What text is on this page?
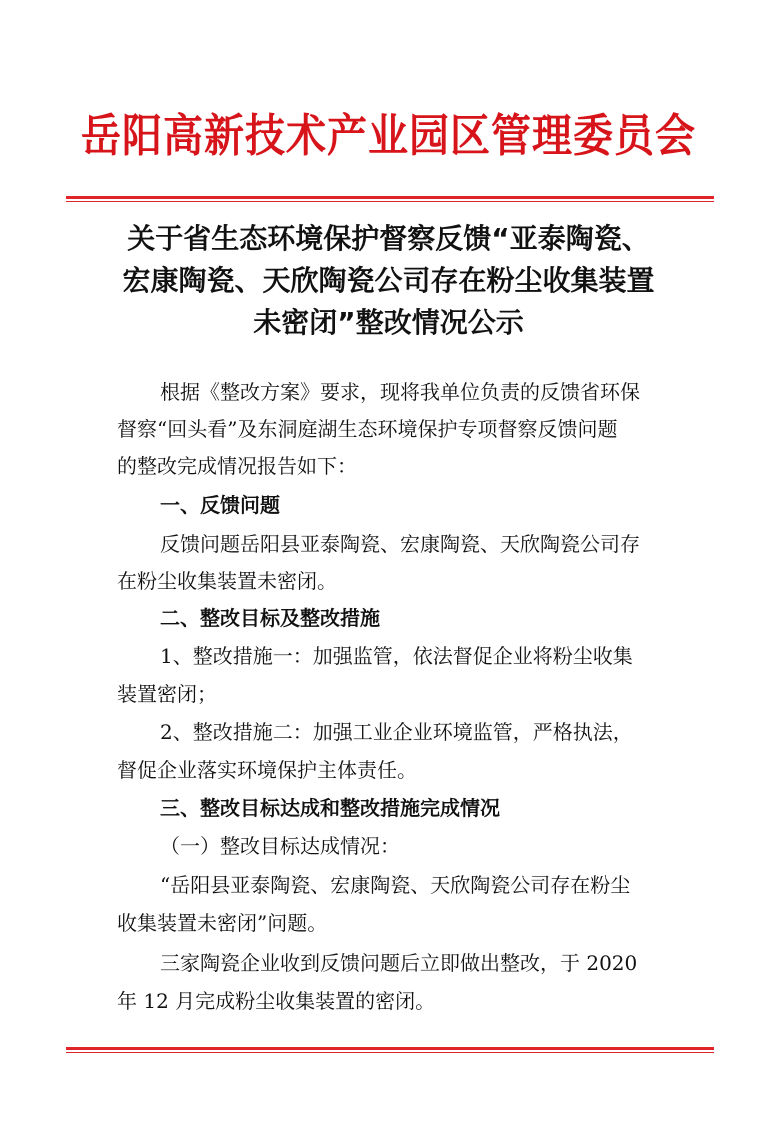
岳阳高新技术产业园区管理委员会
关于省生态环境保护督察反馈“亚泰陶瓷、
宏康陶瓷、天欣陶瓷公司存在粉尘收集装置
未密闭”整改情况公示
根据《整改方案》要求，现将我单位负责的反馈省环保
督察“回头看”及东洞庭湖生态环境保护专项督察反馈问题
的整改完成情况报告如下：
一、反馈问题
反馈问题岳阳县亚泰陶瓷、宏康陶瓷、天欣陶瓷公司存
在粉尘收集装置未密闭。
二、整改目标及整改措施
1、整改措施一：加强监管，依法督促企业将粉尘收集
装置密闭；
2、整改措施二：加强工业企业环境监管，严格执法，
督促企业落实环境保护主体责任。
三、整改目标达成和整改措施完成情况
（一）整改目标达成情况：
“岳阳县亚泰陶瓷、宏康陶瓷、天欣陶瓷公司存在粉尘
收集装置未密闭”问题。
三家陶瓷企业收到反馈问题后立即做出整改，于 2020
年 12 月完成粉尘收集装置的密闭。
